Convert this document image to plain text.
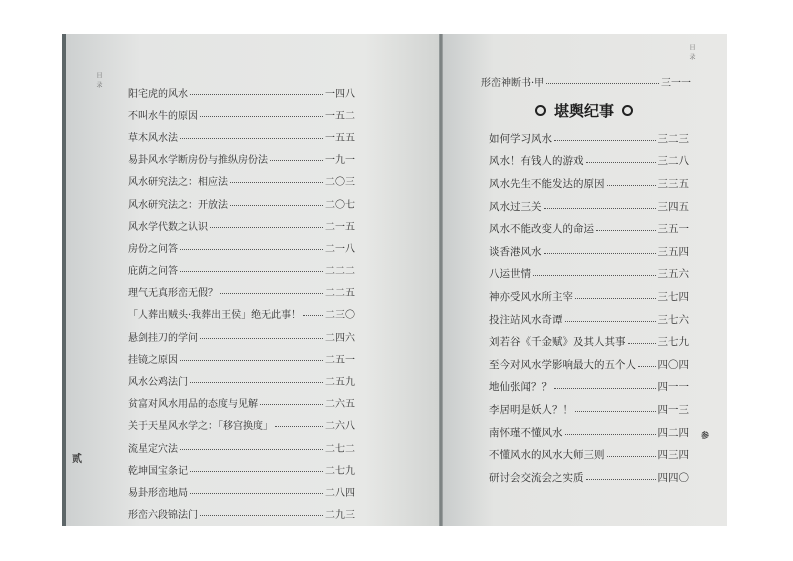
目 录
阳宅虎的风水	一四八
不叫水牛的原因	一五二
草木风水法	一五五
易卦风水学断房份与推纵房份法	一九一
风水研究法之：相应法	二〇三
风水研究法之：开放法	二〇七
风水学代数之认识	二一五
房份之问答	二一八
庇荫之问答	二二二
理气无真形峦无假？	二二五
「人葬出贼头·我葬出王侯」绝无此事！ 二三〇
悬剑挂刀的学问	二四六
挂镜之原因	二五一
风水公鸡法门	二五九
贫富对风水用品的态度与见解	二六五
关于天星风水学之：「移宫换度」	二六八
流星定穴法	二七二
乾坤国宝条记	二七九
易卦形峦地局	二八四
形峦六段锦法门	二九三
贰
目 录
形峦神断书·甲	三一一
堪舆纪事
如何学习风水	三二三
风水！有钱人的游戏	三二八
风水先生不能发达的原因	三三五
风水过三关	三四五
风水不能改变人的命运	三五一
谈香港风水	三五四
八运世情	三五六
神亦受风水所主宰	三七四
投注站风水奇谭	三七六
刘若谷《千金赋》及其人其事	三七九
至今对风水学影响最大的五个人 四〇四
地仙张闻？？	四一一
李居明是妖人？！	四一三
南怀瑾不懂风水	四二四
不懂风水的风水大师三则	四三四
研讨会交流会之实质	四四〇
参
